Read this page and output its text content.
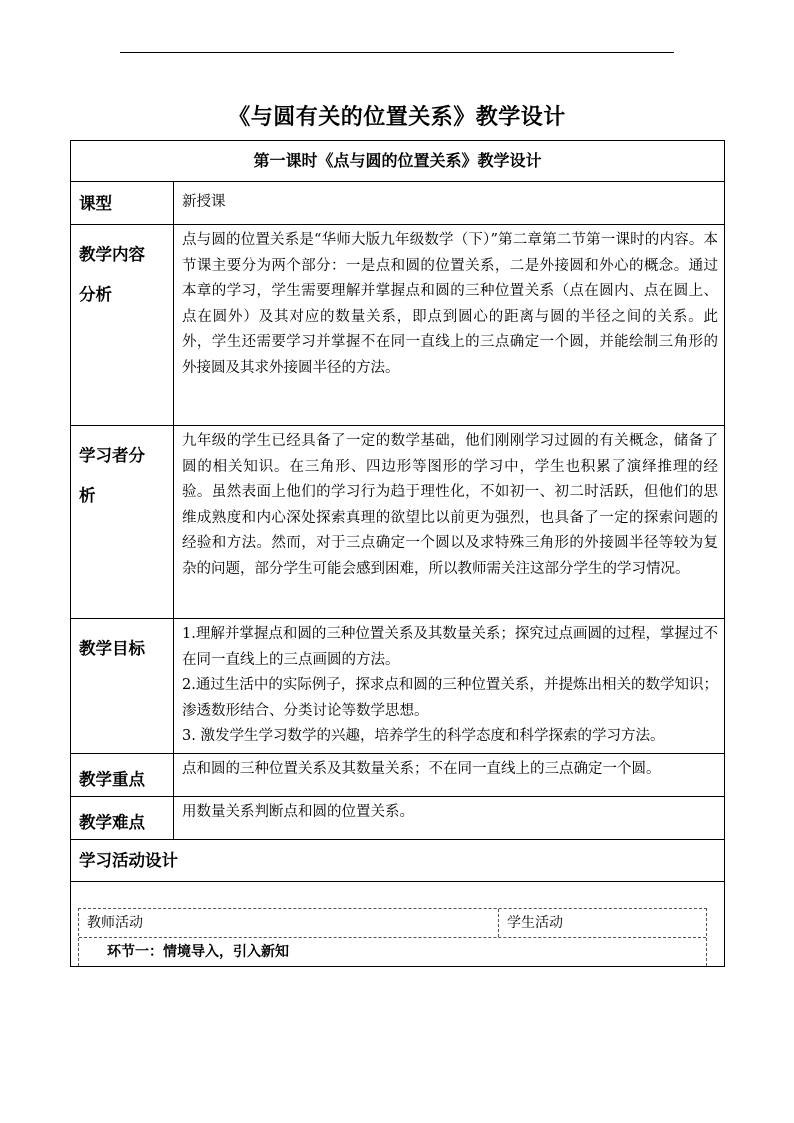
《与圆有关的位置关系》教学设计
第一课时《点与圆的位置关系》教学设计
课型	新授课
教学内容
分析
点与圆的位置关系是“华师大版九年级数学（下）”第二章第二节第一课时的内容。本节课主要分为两个部分：一是点和圆的位置关系，二是外接圆和外心的概念。通过本章的学习，学生需要理解并掌握点和圆的三种位置关系（点在圆内、点在圆上、点在圆外）及其对应的数量关系，即点到圆心的距离与圆的半径之间的关系。此外，学生还需要学习并掌握不在同一直线上的三点确定一个圆，并能绘制三角形的外接圆及其求外接圆半径的方法。
学习者分
析
九年级的学生已经具备了一定的数学基础，他们刚刚学习过圆的有关概念，储备了圆的相关知识。在三角形、四边形等图形的学习中，学生也积累了演绎推理的经验。虽然表面上他们的学习行为趋于理性化，不如初一、初二时活跃，但他们的思维成熟度和内心深处探索真理的欲望比以前更为强烈，也具备了一定的探索问题的经验和方法。然而，对于三点确定一个圆以及求特殊三角形的外接圆半径等较为复杂的问题，部分学生可能会感到困难，所以教师需关注这部分学生的学习情况。
教学目标

1.理解并掌握点和圆的三种位置关系及其数量关系；探究过点画圆的过程，掌握过不在同一直线上的三点画圆的方法。

2.通过生活中的实际例子，探求点和圆的三种位置关系，并提炼出相关的数学知识；渗透数形结合、分类讨论等数学思想。

3. 激发学生学习数学的兴趣，培养学生的科学态度和科学探索的学习方法。

教学重点
点和圆的三种位置关系及其数量关系；不在同一直线上的三点确定一个圆。
教学难点
用数量关系判断点和圆的位置关系。
学习活动设计
教师活动	学生活动
环节一：情境导入，引入新知
